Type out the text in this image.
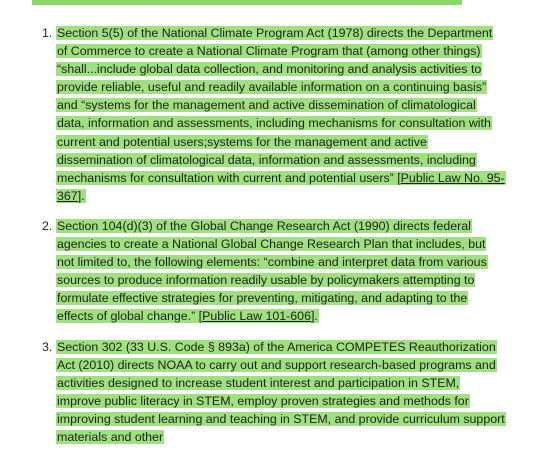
1. Section 5(5) of the National Climate Program Act (1978) directs the Department of Commerce to create a National Climate Program that (among other things) “shall...include global data collection, and monitoring and analysis activities to provide reliable, useful and readily available information on a continuing basis” and “systems for the management and active dissemination of climatological data, information and assessments, including mechanisms for consultation with current and potential users;systems for the management and active dissemination of climatological data, information and assessments, including mechanisms for consultation with current and potential users” [Public Law No. 95-367].
2. Section 104(d)(3) of the Global Change Research Act (1990) directs federal agencies to create a National Global Change Research Plan that includes, but not limited to, the following elements: “combine and interpret data from various sources to produce information readily usable by policymakers attempting to formulate effective strategies for preventing, mitigating, and adapting to the effects of global change.” [Public Law 101-606].
3. Section 302 (33 U.S. Code § 893a) of the America COMPETES Reauthorization Act (2010) directs NOAA to carry out and support research-based programs and activities designed to increase student interest and participation in STEM, improve public literacy in STEM, employ proven strategies and methods for improving student learning and teaching in STEM, and provide curriculum support materials and other
